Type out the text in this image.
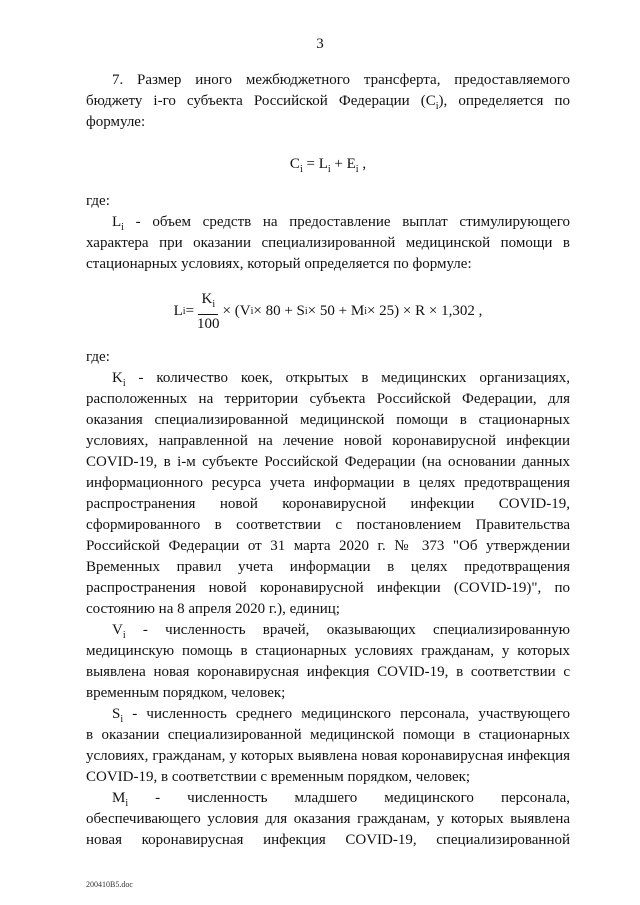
3
7. Размер иного межбюджетного трансферта, предоставляемого
бюджету i-го субъекта Российской Федерации $(C_i)$, определяется по
формуле:
$C_i = L_i + E_i$ ,
где:
$L_i$ - объем средств на предоставление выплат стимулирующего
характера при оказании специализированной медицинской помощи в
стационарных условиях, который определяется по формуле:
L $i = \frac{K_i}{100} \times (V$ i × 80 + S i × 50 + M i × 25) × R × 1,302 ,
где:
$K_i$ - количество коек, открытых в медицинских организациях,
расположенных на территории субъекта Российской Федерации, для
оказания специализированной медицинской помощи в стационарных
условиях, направленной на лечение новой коронавирусной инфекции
COVID-19, в i-м субъекте Российской Федерации (на основании данных
информационного ресурса учета информации в целях предотвращения
распространения новой коронавирусной инфекции COVID-19,
сформированного в соответствии с постановлением Правительства
Российской Федерации от 31 марта 2020 г. № 373 "Об утверждении
Временных правил учета информации в целях предотвращения
распространения новой коронавирусной инфекции (COVID-19)", по
состоянию на 8 апреля 2020 г.), единиц;
$V_i$ - численность врачей, оказывающих специализированную
медицинскую помощь в стационарных условиях гражданам, у которых
выявлена новая коронавирусная инфекция COVID-19, в соответствии с
временным порядком, человек;
$S_i$ - численность среднего медицинского персонала, участвующего
в оказании специализированной медицинской помощи в стационарных
условиях, гражданам, у которых выявлена новая коронавирусная инфекция
COVID-19, в соответствии с временным порядком, человек;
$M_i$ - численность младшего медицинского персонала,
обеспечивающего условия для оказания гражданам, у которых выявлена
новая коронавирусная инфекция COVID-19, специализированной
200410В5.doc
